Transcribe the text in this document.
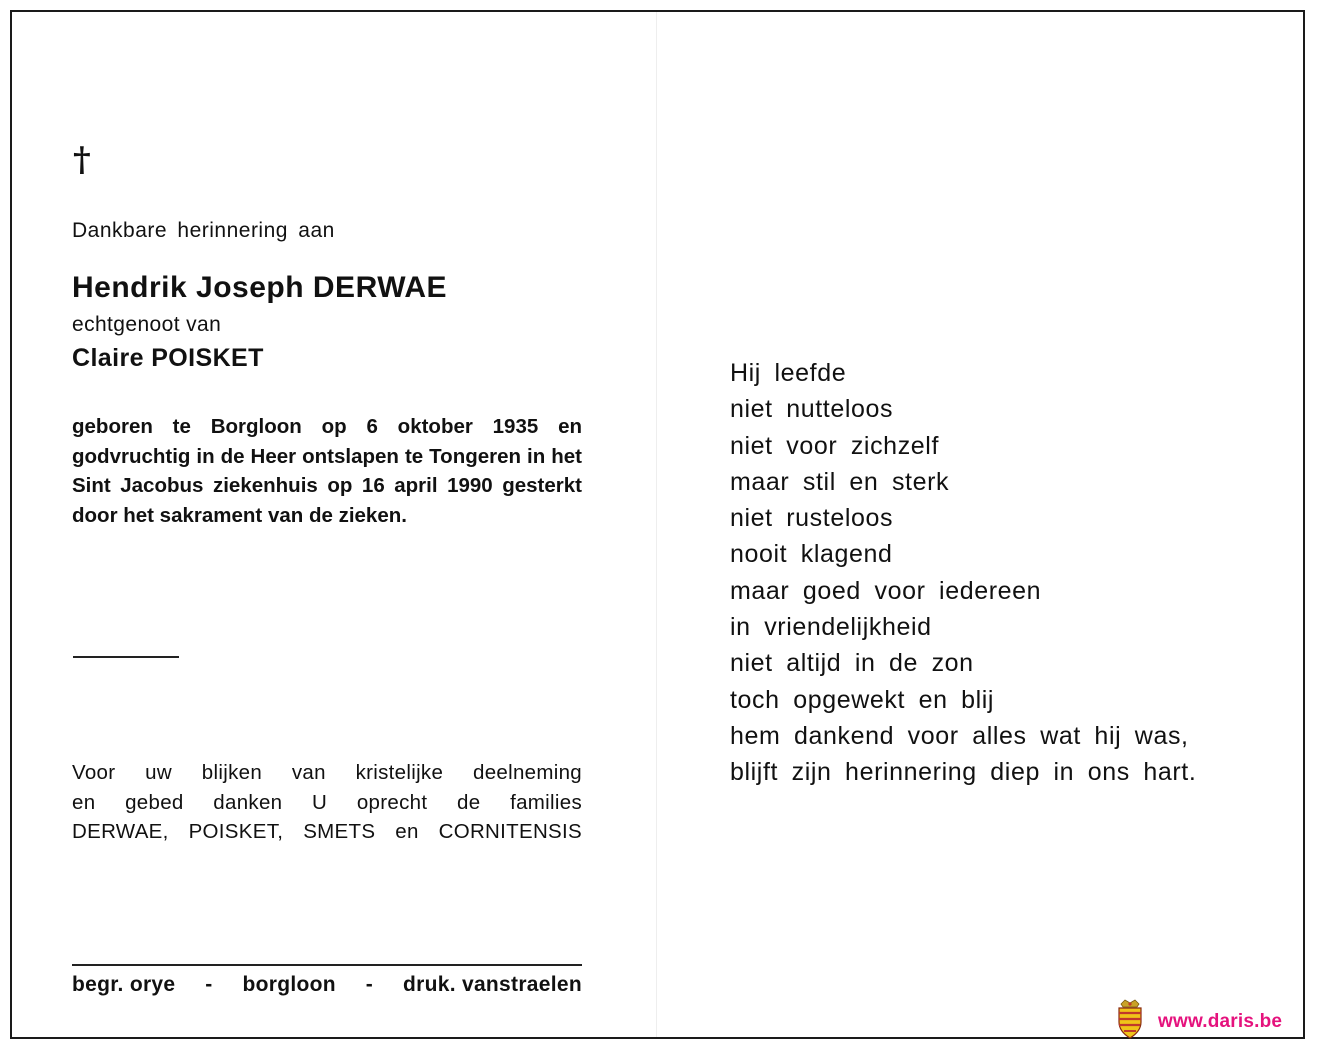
†
Dankbare herinnering aan
Hendrik Joseph DERWAE
echtgenoot van
Claire POISKET

geboren te Borgloon op 6 oktober 1935 en godvruchtig in de Heer ontslapen te Tongeren in het Sint Jacobus ziekenhuis op 16 april 1990 gesterkt door het sakrament van de zieken.

Voor uw blijken van kristelijke deelneming
en gebed danken U oprecht de families
DERWAE, POISKET, SMETS en CORNITENSIS

begr. orye - borgloon - druk. vanstraelen
Hij leefde
niet nutteloos
niet voor zichzelf
maar stil en sterk
niet rusteloos
nooit klagend
maar goed voor iedereen
in vriendelijkheid
niet altijd in de zon
toch opgewekt en blij
hem dankend voor alles wat hij was,
blijft zijn herinnering diep in ons hart.
www.daris.be
